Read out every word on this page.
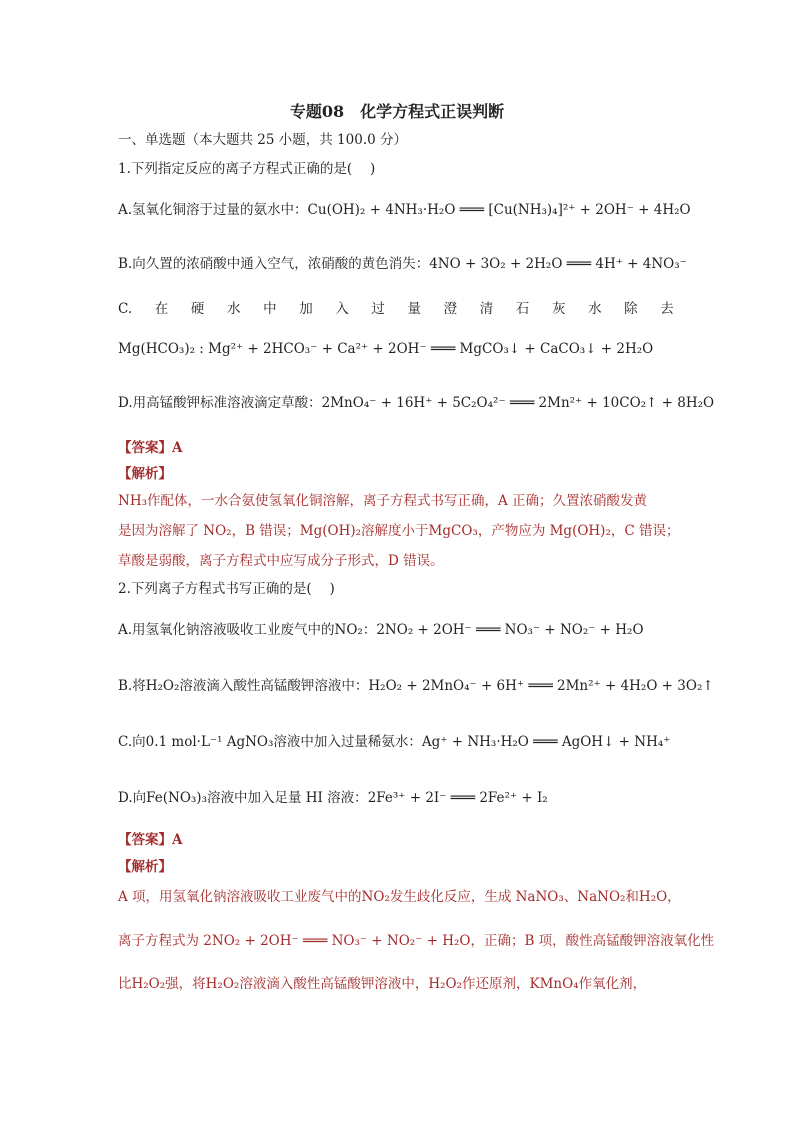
专题08　化学方程式正误判断
一、单选题（本大题共 25 小题，共 100.0 分）
1.下列指定反应的离子方程式正确的是(　 )
A.氢氧化铜溶于过量的氨水中：Cu(OH)₂ + 4NH₃·H₂O ═══ [Cu(NH₃)₄]²⁺ + 2OH⁻ + 4H₂O
B.向久置的浓硝酸中通入空气，浓硝酸的黄色消失：4NO + 3O₂ + 2H₂O ═══ 4H⁺ + 4NO₃⁻
C. 在 硬 水 中 加 入 过 量 澄 清 石 灰 水 除 去
Mg(HCO₃)₂ : Mg²⁺ + 2HCO₃⁻ + Ca²⁺ + 2OH⁻ ═══ MgCO₃↓ + CaCO₃↓ + 2H₂O
D.用高锰酸钾标准溶液滴定草酸：2MnO₄⁻ + 16H⁺ + 5C₂O₄²⁻ ═══ 2Mn²⁺ + 10CO₂↑ + 8H₂O
【答案】A
【解析】
NH₃作配体，一水合氨使氢氧化铜溶解，离子方程式书写正确，A 正确；久置浓硝酸发黄
是因为溶解了 NO₂，B 错误；Mg(OH)₂溶解度小于MgCO₃，产物应为 Mg(OH)₂，C 错误；
草酸是弱酸，离子方程式中应写成分子形式，D 错误。
2.下列离子方程式书写正确的是(　 )
A.用氢氧化钠溶液吸收工业废气中的NO₂：2NO₂ + 2OH⁻ ═══ NO₃⁻ + NO₂⁻ + H₂O
B.将H₂O₂溶液滴入酸性高锰酸钾溶液中：H₂O₂ + 2MnO₄⁻ + 6H⁺ ═══ 2Mn²⁺ + 4H₂O + 3O₂↑
C.向0.1 mol·L⁻¹ AgNO₃溶液中加入过量稀氨水：Ag⁺ + NH₃·H₂O ═══ AgOH↓ + NH₄⁺
D.向Fe(NO₃)₃溶液中加入足量 HI 溶液：2Fe³⁺ + 2I⁻ ═══ 2Fe²⁺ + I₂
【答案】A
【解析】
A 项，用氢氧化钠溶液吸收工业废气中的NO₂发生歧化反应，生成 NaNO₃、NaNO₂和H₂O，
离子方程式为 2NO₂ + 2OH⁻ ═══ NO₃⁻ + NO₂⁻ + H₂O，正确；B 项，酸性高锰酸钾溶液氧化性
比H₂O₂强，将H₂O₂溶液滴入酸性高锰酸钾溶液中，H₂O₂作还原剂，KMnO₄作氧化剂，
